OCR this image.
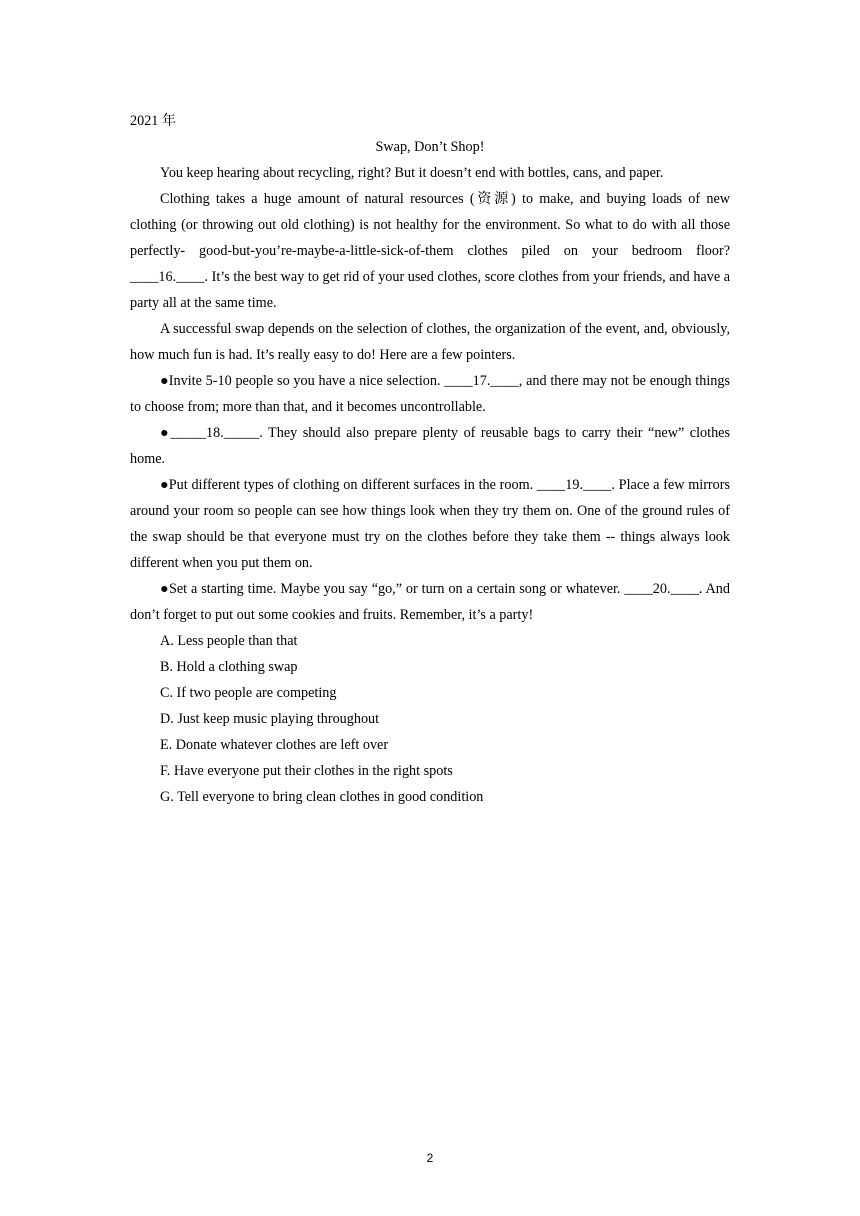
2021 年

Swap, Don’t Shop!

You keep hearing about recycling, right? But it doesn’t end with bottles, cans, and paper.

Clothing takes a huge amount of natural resources (资源) to make, and buying loads of new clothing (or throwing out old clothing) is not healthy for the environment. So what to do with all those perfectly- good-but-you’re-maybe-a-little-sick-of-them clothes piled on your bedroom floor? ____16.____. It’s the best way to get rid of your used clothes, score clothes from your friends, and have a party all at the same time.

A successful swap depends on the selection of clothes, the organization of the event, and, obviously, how much fun is had. It’s really easy to do! Here are a few pointers.

●Invite 5-10 people so you have a nice selection. ____17.____, and there may not be enough things to choose from; more than that, and it becomes uncontrollable.

●_____18._____. They should also prepare plenty of reusable bags to carry their “new” clothes home.

●Put different types of clothing on different surfaces in the room. ____19.____. Place a few mirrors around your room so people can see how things look when they try them on. One of the ground rules of the swap should be that everyone must try on the clothes before they take them -- things always look different when you put them on.

●Set a starting time. Maybe you say “go,” or turn on a certain song or whatever. ____20.____. And don’t forget to put out some cookies and fruits. Remember, it’s a party!

A. Less people than that

B. Hold a clothing swap

C. If two people are competing

D. Just keep music playing throughout

E. Donate whatever clothes are left over

F. Have everyone put their clothes in the right spots

G. Tell everyone to bring clean clothes in good condition

2
